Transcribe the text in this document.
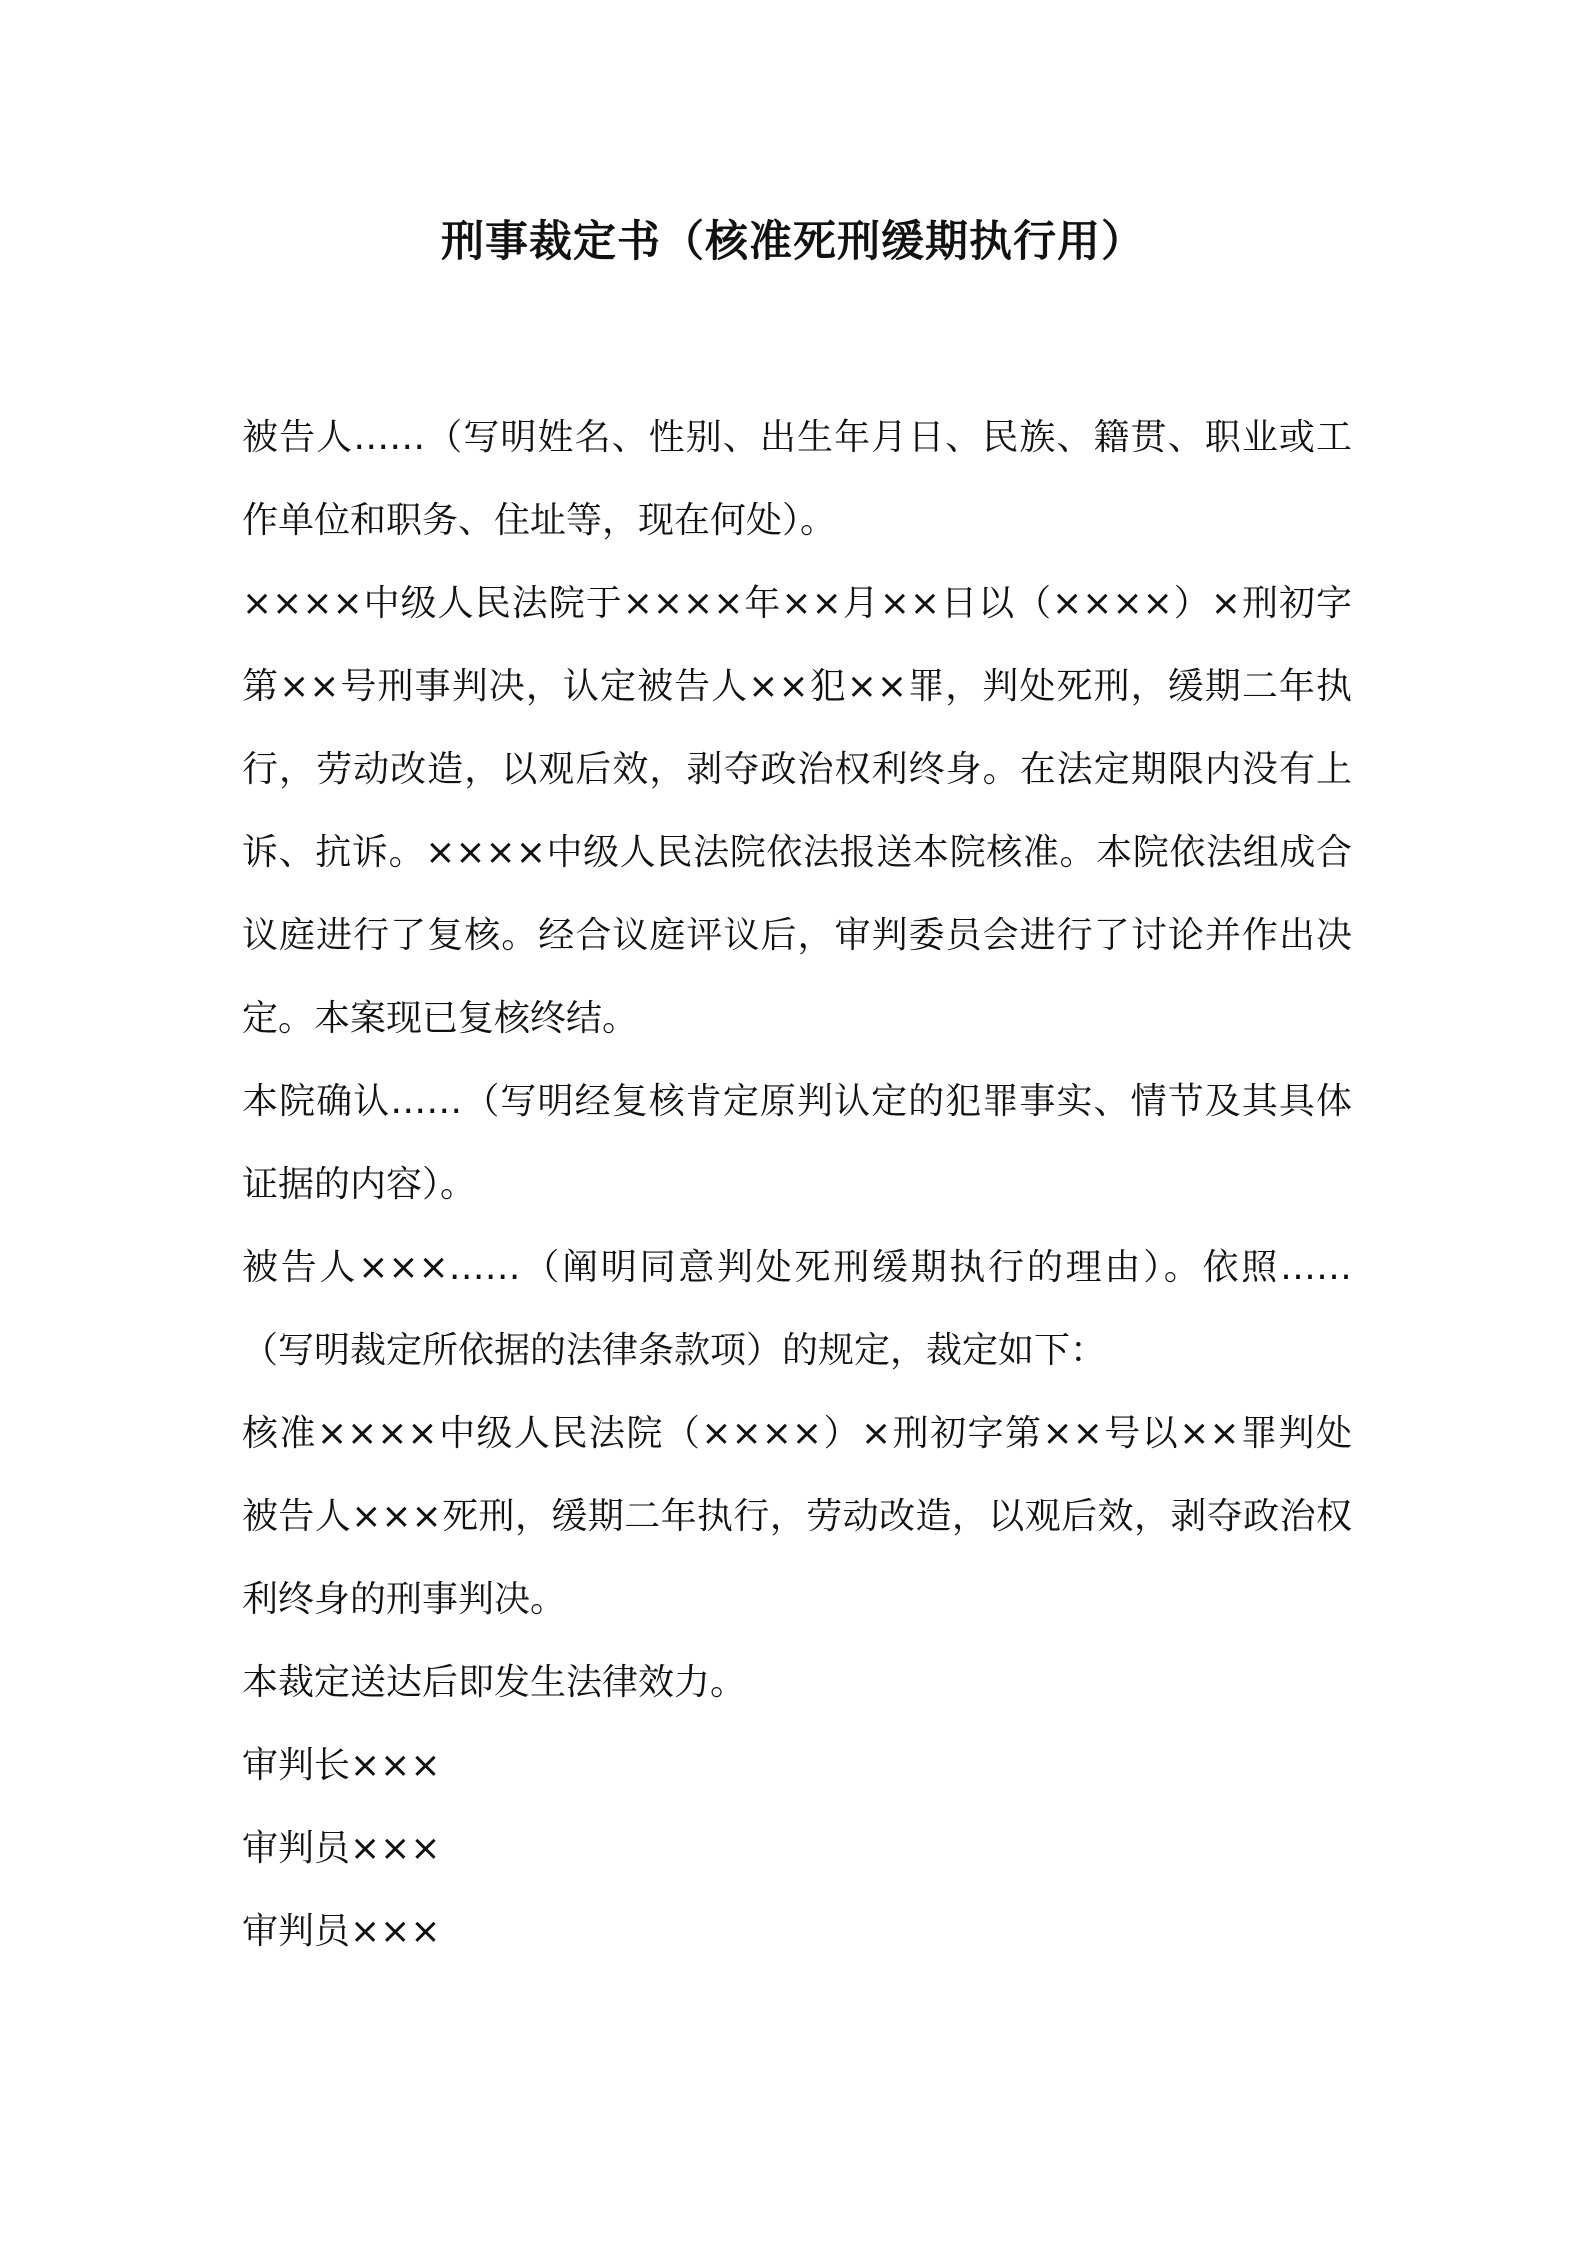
刑事裁定书（核准死刑缓期执行用）

被告人……（写明姓名、性别、出生年月日、民族、籍贯、职业或工作单位和职务、住址等，现在何处）。

××××中级人民法院于××××年××月××日以（××××）×刑初字第××号刑事判决，认定被告人××犯××罪，判处死刑，缓期二年执行，劳动改造，以观后效，剥夺政治权利终身。在法定期限内没有上诉、抗诉。××××中级人民法院依法报送本院核准。本院依法组成合议庭进行了复核。经合议庭评议后，审判委员会进行了讨论并作出决定。本案现已复核终结。

本院确认……（写明经复核肯定原判认定的犯罪事实、情节及其具体证据的内容）。

被告人×××……（阐明同意判处死刑缓期执行的理由）。依照……（写明裁定所依据的法律条款项）的规定，裁定如下：

核准××××中级人民法院（××××）×刑初字第××号以××罪判处被告人×××死刑，缓期二年执行，劳动改造，以观后效，剥夺政治权利终身的刑事判决。

本裁定送达后即发生法律效力。

审判长×××

审判员×××

审判员×××
